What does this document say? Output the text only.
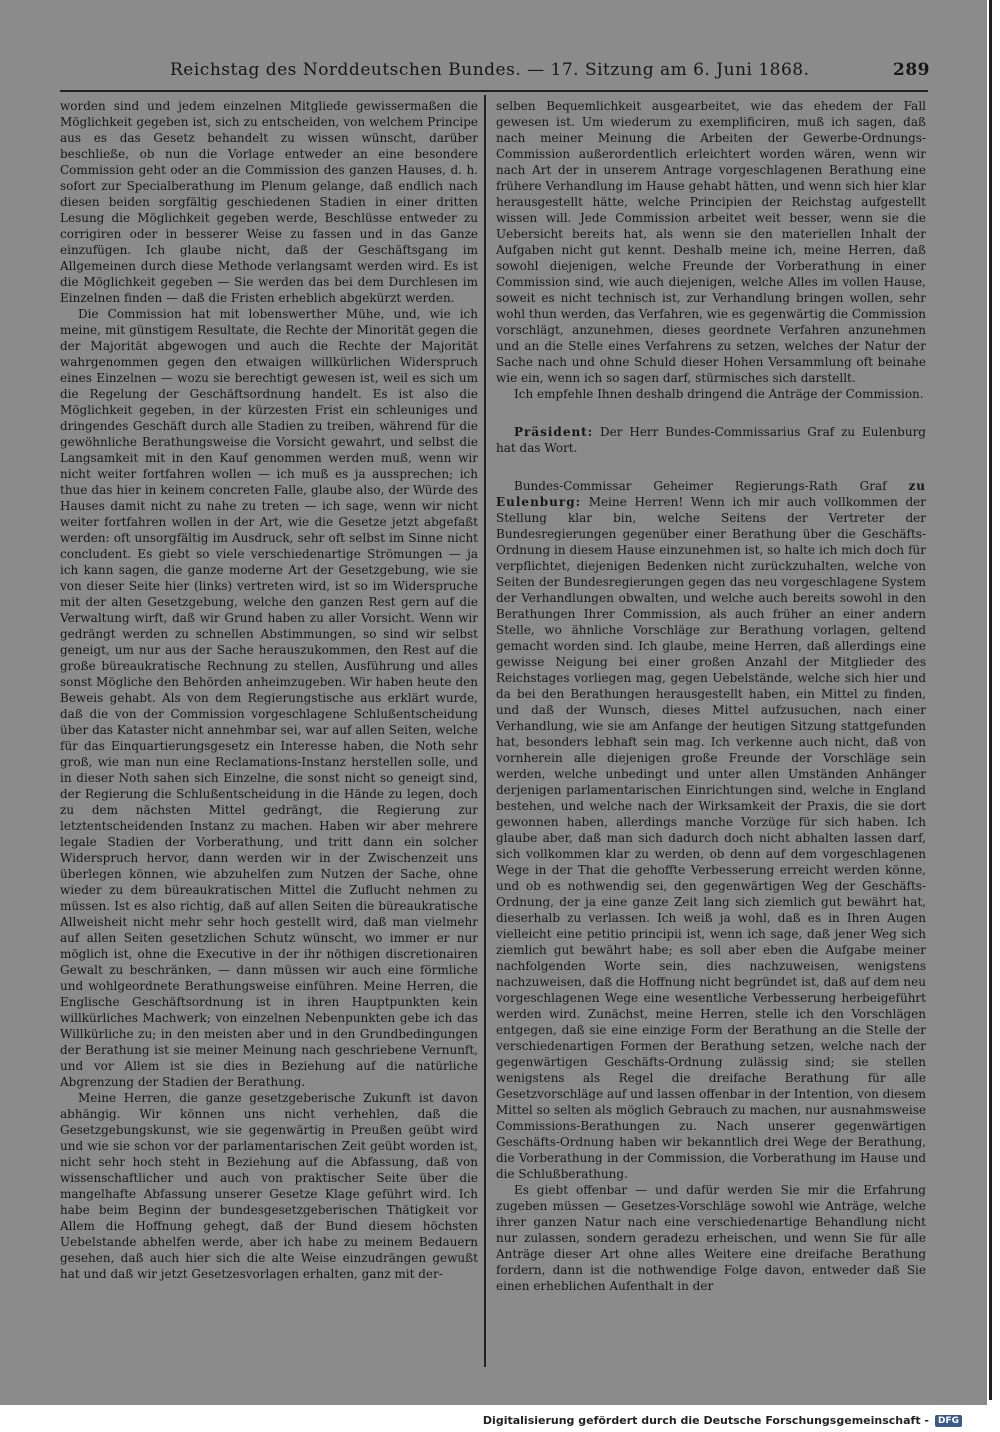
Reichstag des Norddeutschen Bundes. — 17. Sitzung am 6. Juni 1868.	289

worden sind und jedem einzelnen Mitgliede gewissermaßen die Möglichkeit gegeben ist, sich zu entscheiden, von welchem Principe aus es das Gesetz behandelt zu wissen wünscht, darüber beschließe, ob nun die Vorlage entweder an eine besondere Commission geht oder an die Commission des ganzen Hauses, d. h. sofort zur Specialberathung im Plenum gelange, daß endlich nach diesen beiden sorgfältig geschiedenen Stadien in einer dritten Lesung die Möglichkeit gegeben werde, Beschlüsse entweder zu corrigiren oder in besserer Weise zu fassen und in das Ganze einzufügen. Ich glaube nicht, daß der Geschäftsgang im Allgemeinen durch diese Methode verlangsamt werden wird. Es ist die Möglichkeit gegeben — Sie werden das bei dem Durchlesen im Einzelnen finden — daß die Fristen erheblich abgekürzt werden.

Die Commission hat mit lobenswerther Mühe, und, wie ich meine, mit günstigem Resultate, die Rechte der Minorität gegen die der Majorität abgewogen und auch die Rechte der Majorität wahrgenommen gegen den etwaigen willkürlichen Widerspruch eines Einzelnen — wozu sie berechtigt gewesen ist, weil es sich um die Regelung der Geschäftsordnung handelt. Es ist also die Möglichkeit gegeben, in der kürzesten Frist ein schleuniges und dringendes Geschäft durch alle Stadien zu treiben, während für die gewöhnliche Berathungsweise die Vorsicht gewahrt, und selbst die Langsamkeit mit in den Kauf genommen werden muß, wenn wir nicht weiter fortfahren wollen — ich muß es ja aussprechen; ich thue das hier in keinem concreten Falle, glaube also, der Würde des Hauses damit nicht zu nahe zu treten — ich sage, wenn wir nicht weiter fortfahren wollen in der Art, wie die Gesetze jetzt abgefaßt werden: oft unsorgfältig im Ausdruck, sehr oft selbst im Sinne nicht concludent. Es giebt so viele verschiedenartige Strömungen — ja ich kann sagen, die ganze moderne Art der Gesetzgebung, wie sie von dieser Seite hier (links) vertreten wird, ist so im Widerspruche mit der alten Gesetzgebung, welche den ganzen Rest gern auf die Verwaltung wirft, daß wir Grund haben zu aller Vorsicht. Wenn wir gedrängt werden zu schnellen Abstimmungen, so sind wir selbst geneigt, um nur aus der Sache herauszukommen, den Rest auf die große büreaukratische Rechnung zu stellen, Ausführung und alles sonst Mögliche den Behörden anheimzugeben. Wir haben heute den Beweis gehabt. Als von dem Regierungstische aus erklärt wurde, daß die von der Commission vorgeschlagene Schlußentscheidung über das Kataster nicht annehmbar sei, war auf allen Seiten, welche für das Einquartierungsgesetz ein Interesse haben, die Noth sehr groß, wie man nun eine Reclamations-Instanz herstellen solle, und in dieser Noth sahen sich Einzelne, die sonst nicht so geneigt sind, der Regierung die Schlußentscheidung in die Hände zu legen, doch zu dem nächsten Mittel gedrängt, die Regierung zur letztentscheidenden Instanz zu machen. Haben wir aber mehrere legale Stadien der Vorberathung, und tritt dann ein solcher Widerspruch hervor, dann werden wir in der Zwischenzeit uns überlegen können, wie abzuhelfen zum Nutzen der Sache, ohne wieder zu dem büreaukratischen Mittel die Zuflucht nehmen zu müssen. Ist es also richtig, daß auf allen Seiten die büreaukratische Allweisheit nicht mehr sehr hoch gestellt wird, daß man vielmehr auf allen Seiten gesetzlichen Schutz wünscht, wo immer er nur möglich ist, ohne die Executive in der ihr nöthigen discretionairen Gewalt zu beschränken, — dann müssen wir auch eine förmliche und wohlgeordnete Berathungsweise einführen. Meine Herren, die Englische Geschäftsordnung ist in ihren Hauptpunkten kein willkürliches Machwerk; von einzelnen Nebenpunkten gebe ich das Willkürliche zu; in den meisten aber und in den Grundbedingungen der Berathung ist sie meiner Meinung nach geschriebene Vernunft, und vor Allem ist sie dies in Beziehung auf die natürliche Abgrenzung der Stadien der Berathung.

Meine Herren, die ganze gesetzgeberische Zukunft ist davon abhängig. Wir können uns nicht verhehlen, daß die Gesetzgebungskunst, wie sie gegenwärtig in Preußen geübt wird und wie sie schon vor der parlamentarischen Zeit geübt worden ist, nicht sehr hoch steht in Beziehung auf die Abfassung, daß von wissenschaftlicher und auch von praktischer Seite über die mangelhafte Abfassung unserer Gesetze Klage geführt wird. Ich habe beim Beginn der bundesgesetzgeberischen Thätigkeit vor Allem die Hoffnung gehegt, daß der Bund diesem höchsten Uebelstande abhelfen werde, aber ich habe zu meinem Bedauern gesehen, daß auch hier sich die alte Weise einzudrängen gewußt hat und daß wir jetzt Gesetzesvorlagen erhalten, ganz mit der-

selben Bequemlichkeit ausgearbeitet, wie das ehedem der Fall gewesen ist. Um wiederum zu exemplificiren, muß ich sagen, daß nach meiner Meinung die Arbeiten der Gewerbe-Ordnungs-Commission außerordentlich erleichtert worden wären, wenn wir nach Art der in unserem Antrage vorgeschlagenen Berathung eine frühere Verhandlung im Hause gehabt hätten, und wenn sich hier klar herausgestellt hätte, welche Principien der Reichstag aufgestellt wissen will. Jede Commission arbeitet weit besser, wenn sie die Uebersicht bereits hat, als wenn sie den materiellen Inhalt der Aufgaben nicht gut kennt. Deshalb meine ich, meine Herren, daß sowohl diejenigen, welche Freunde der Vorberathung in einer Commission sind, wie auch diejenigen, welche Alles im vollen Hause, soweit es nicht technisch ist, zur Verhandlung bringen wollen, sehr wohl thun werden, das Verfahren, wie es gegenwärtig die Commission vorschlägt, anzunehmen, dieses geordnete Verfahren anzunehmen und an die Stelle eines Verfahrens zu setzen, welches der Natur der Sache nach und ohne Schuld dieser Hohen Versammlung oft beinahe wie ein, wenn ich so sagen darf, stürmisches sich darstellt.

Ich empfehle Ihnen deshalb dringend die Anträge der Commission.

Präsident: Der Herr Bundes-Commissarius Graf zu Eulenburg hat das Wort.

Bundes-Commissar Geheimer Regierungs-Rath Graf zu Eulenburg: Meine Herren! Wenn ich mir auch vollkommen der Stellung klar bin, welche Seitens der Vertreter der Bundesregierungen gegenüber einer Berathung über die Geschäfts-Ordnung in diesem Hause einzunehmen ist, so halte ich mich doch für verpflichtet, diejenigen Bedenken nicht zurückzuhalten, welche von Seiten der Bundesregierungen gegen das neu vorgeschlagene System der Verhandlungen obwalten, und welche auch bereits sowohl in den Berathungen Ihrer Commission, als auch früher an einer andern Stelle, wo ähnliche Vorschläge zur Berathung vorlagen, geltend gemacht worden sind. Ich glaube, meine Herren, daß allerdings eine gewisse Neigung bei einer großen Anzahl der Mitglieder des Reichstages vorliegen mag, gegen Uebelstände, welche sich hier und da bei den Berathungen herausgestellt haben, ein Mittel zu finden, und daß der Wunsch, dieses Mittel aufzusuchen, nach einer Verhandlung, wie sie am Anfange der heutigen Sitzung stattgefunden hat, besonders lebhaft sein mag. Ich verkenne auch nicht, daß von vornherein alle diejenigen große Freunde der Vorschläge sein werden, welche unbedingt und unter allen Umständen Anhänger derjenigen parlamentarischen Einrichtungen sind, welche in England bestehen, und welche nach der Wirksamkeit der Praxis, die sie dort gewonnen haben, allerdings manche Vorzüge für sich haben. Ich glaube aber, daß man sich dadurch doch nicht abhalten lassen darf, sich vollkommen klar zu werden, ob denn auf dem vorgeschlagenen Wege in der That die gehoffte Verbesserung erreicht werden könne, und ob es nothwendig sei, den gegenwärtigen Weg der Geschäfts-Ordnung, der ja eine ganze Zeit lang sich ziemlich gut bewährt hat, dieserhalb zu verlassen. Ich weiß ja wohl, daß es in Ihren Augen vielleicht eine petitio principii ist, wenn ich sage, daß jener Weg sich ziemlich gut bewährt habe; es soll aber eben die Aufgabe meiner nachfolgenden Worte sein, dies nachzuweisen, wenigstens nachzuweisen, daß die Hoffnung nicht begründet ist, daß auf dem neu vorgeschlagenen Wege eine wesentliche Verbesserung herbeigeführt werden wird. Zunächst, meine Herren, stelle ich den Vorschlägen entgegen, daß sie eine einzige Form der Berathung an die Stelle der verschiedenartigen Formen der Berathung setzen, welche nach der gegenwärtigen Geschäfts-Ordnung zulässig sind; sie stellen wenigstens als Regel die dreifache Berathung für alle Gesetzvorschläge auf und lassen offenbar in der Intention, von diesem Mittel so selten als möglich Gebrauch zu machen, nur ausnahmsweise Commissions-Berathungen zu. Nach unserer gegenwärtigen Geschäfts-Ordnung haben wir bekanntlich drei Wege der Berathung, die Vorberathung in der Commission, die Vorberathung im Hause und die Schlußberathung.

Es giebt offenbar — und dafür werden Sie mir die Erfahrung zugeben müssen — Gesetzes-Vorschläge sowohl wie Anträge, welche ihrer ganzen Natur nach eine verschiedenartige Behandlung nicht nur zulassen, sondern geradezu erheischen, und wenn Sie für alle Anträge dieser Art ohne alles Weitere eine dreifache Berathung fordern, dann ist die nothwendige Folge davon, entweder daß Sie einen erheblichen Aufenthalt in der

Digitalisierung gefördert durch die Deutsche Forschungsgemeinschaft -	DFG
